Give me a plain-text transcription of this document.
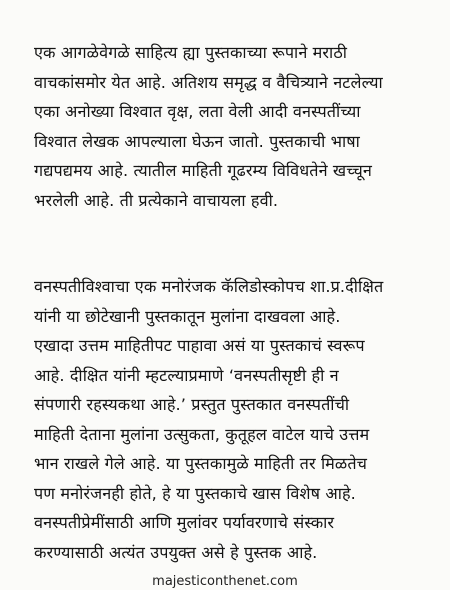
एक आगळेवेगळे साहित्य ह्या पुस्तकाच्या रूपाने मराठी
वाचकांसमोर येत आहे. अतिशय समृद्ध व वैचित्र्याने नटलेल्या
एका अनोख्या विश्वात वृक्ष, लता वेली आदी वनस्पतींच्या
विश्वात लेखक आपल्याला घेऊन जातो. पुस्तकाची भाषा
गद्यपद्यमय आहे. त्यातील माहिती गूढरम्य विविधतेने खच्चून
भरलेली आहे. ती प्रत्येकाने वाचायला हवी.
वनस्पतीविश्वाचा एक मनोरंजक कॅलिडोस्कोपच शा.प्र.दीक्षित
यांनी या छोटेखानी पुस्तकातून मुलांना दाखवला आहे.
एखादा उत्तम माहितीपट पाहावा असं या पुस्तकाचं स्वरूप
आहे. दीक्षित यांनी म्हटल्याप्रमाणे ‘वनस्पतीसृष्टी ही न
संपणारी रहस्यकथा आहे.’ प्रस्तुत पुस्तकात वनस्पतींची
माहिती देताना मुलांना उत्सुकता, कुतूहल वाटेल याचे उत्तम
भान राखले गेले आहे. या पुस्तकामुळे माहिती तर मिळतेच
पण मनोरंजनही होते, हे या पुस्तकाचे खास विशेष आहे.
वनस्पतीप्रेमींसाठी आणि मुलांवर पर्यावरणाचे संस्कार
करण्यासाठी अत्यंत उपयुक्त असे हे पुस्तक आहे.
majesticonthenet.com
